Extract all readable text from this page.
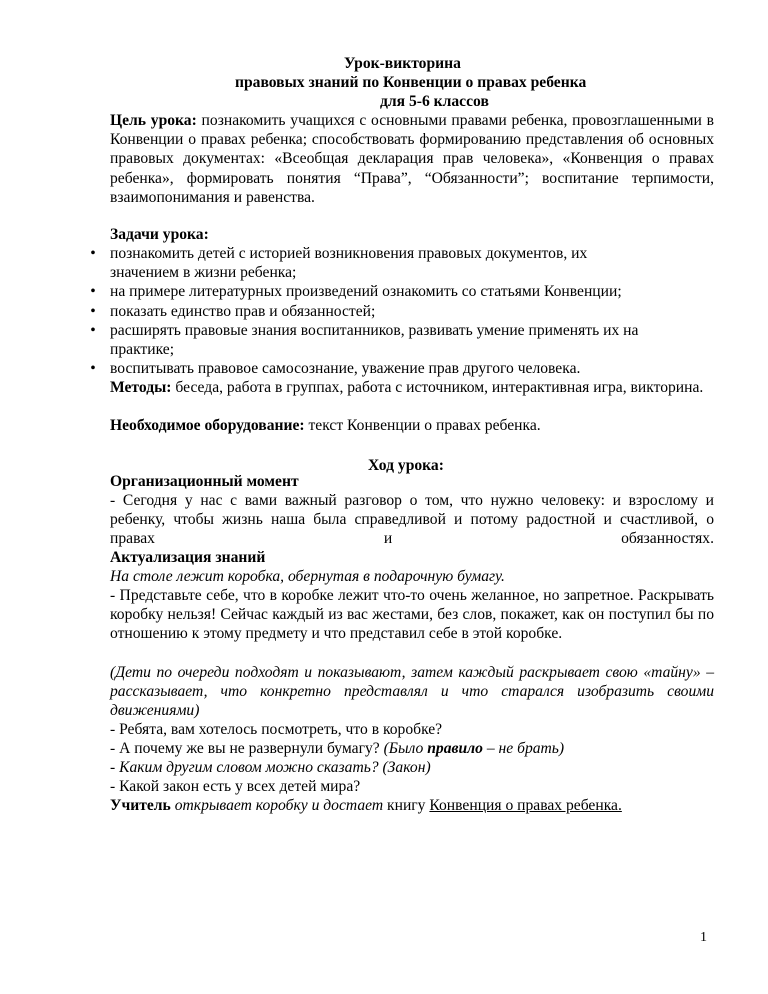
Урок-викторина
правовых знаний по Конвенции о правах ребенка
для 5-6 классов
Цель урока: познакомить учащихся с основными правами ребенка, провозглашенными в Конвенции о правах ребенка; способствовать формированию представления об основных правовых документах: «Всеобщая декларация прав человека», «Конвенция о правах ребенка», формировать понятия “Права”, “Обязанности”; воспитание терпимости, взаимопонимания и равенства.
Задачи урока:
• познакомить детей с историей возникновения правовых документов, их значением в жизни ребенка;
• на примере литературных произведений ознакомить со статьями Конвенции;
• показать единство прав и обязанностей;
• расширять правовые знания воспитанников, развивать умение применять их на практике;
• воспитывать правовое самосознание, уважение прав другого человека.
Методы: беседа, работа в группах, работа с источником, интерактивная игра, викторина.
Необходимое оборудование: текст Конвенции о правах ребенка.
Ход урока:
Организационный момент
- Сегодня у нас с вами важный разговор о том, что нужно человеку: и взрослому и ребенку, чтобы жизнь наша была справедливой и потому радостной и счастливой, о правах и обязанностях.
Актуализация знаний
На столе лежит коробка, обернутая в подарочную бумагу.
- Представьте себе, что в коробке лежит что-то очень желанное, но запретное. Раскрывать коробку нельзя! Сейчас каждый из вас жестами, без слов, покажет, как он поступил бы по отношению к этому предмету и что представил себе в этой коробке.
(Дети по очереди подходят и показывают, затем каждый раскрывает свою «тайну» – рассказывает, что конкретно представлял и что старался изобразить своими движениями)
- Ребята, вам хотелось посмотреть, что в коробке?
- А почему же вы не развернули бумагу? (Было правило – не брать)
- Каким другим словом можно сказать? (Закон)
- Какой закон есть у всех детей мира?
Учитель открывает коробку и достает книгу Конвенция о правах ребенка.
1
